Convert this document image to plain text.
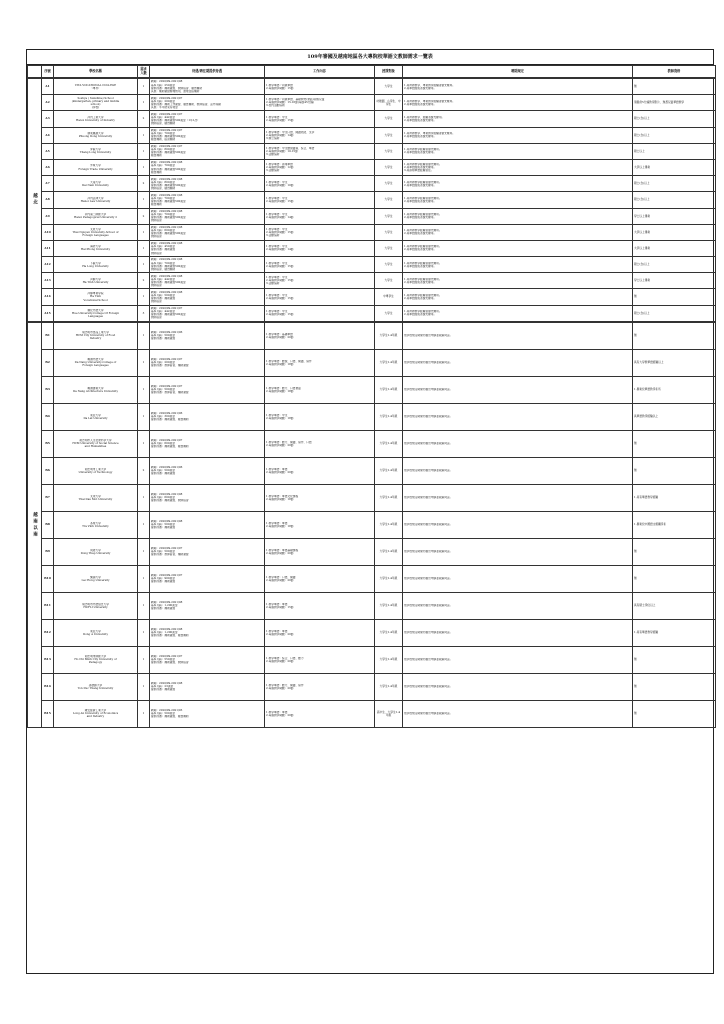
109年審國及越南地區各大專院校華語文教師需求一覽表
	序號	學校名稱	需求人數	待遇/聘任期提供待遇	工作內容	授課對象	聘期規定	教師資格
越北	A1	VITA VOCATIONAL COLLEGE
（專科）	1	聘期：2020/09-2021/08
基本月薪：250美金
提供待遇：補助簽證、教師宿舍、膳食補助
其他：補助簽證辦理費用，當地住宿補助	1.教學華語／初級華語
2.每週教學時數：15節	大學生	1.具實際教學、專業教學經驗者優先錄用。
2.具華語證照者優先錄用。	無
	A2	Soshya ( Sunshine) School
(kindergarten, primary and middle
school)
(學校)	1	聘期：2020/09-2021/07
基本月薪：200美金
提供待遇：補助工作簽證、膳食補助、教師宿舍、意外保險
其他：半年結束有獎金	1.教學華語／初級華語、基礎教材(會話)初級兒童
2.每週教學時數：15-16節(每節45分鐘)
3.校內活動協助	幼稚園、小學生、中學生	1.具實際教學、專業教學經驗者優先錄用。
2.具華語證照者優先錄用。	須提供5分鐘教學影片、熟悉兒童華語教學
	A3	河內工業大學
Hanoi University of Industry	2	聘期：2020/09-2021/07
基本月薪：442美金
提供待遇：補助簽證500美金（1年1次）
教師宿舍、膳食補助	1.教學華語：中文
2.每週教學時數：15節	大學生	1.具實際教學、經驗者優先錄用。
2.具華語證照者優先錄用。	碩士(含)以上
	A4	廣東鳳凰大學
Phuong Dong University	1	聘期：2020/09-2021/07
基本月薪：700美金
提供待遇：補助簽證500美金
膳食補助、宿舍補助	1.教學華語：中文口語、閱讀技能、文學
2.每週教學時數：14節
3.辦公協助	大學生	1.具實際教學、專業教學經驗者優先錄用。
2.具華語證照者優先錄用。	碩士(含)以上
	A5	昇龍大學
Thang Long University	1	聘期：2020/09-2021/07
基本月薪：800美金
提供待遇：補助簽證500美金
膳食補助	1.教學華語：中文聽說讀寫、綜合、華語
2.每週教學時數：10-15節
3.活動協助	大學生	1.具實際教學經驗者優先錄用。
2.具華語證照者優先錄用。	碩士以上
	A6	外貿大學
Foreign Trade University	1	聘期：2020/09-2021/08
基本月薪：700美金
提供待遇：補助簽證500美金
膳食補助	1.教學華語：商業華語
2.每週教學時數：12節
3.活動協助	大學生	1.具實際教學經驗者優先錄用。
2.具華語證照者優先錄用。
3.具商務華語經驗者佳。	大學以上畢業
	A7	大南大學
Dai Nam University	2	聘期：2020/09-2021/08
基本月薪：800美金
提供待遇：補助簽證500美金
教師宿舍、膳食補助	1.教學華語：中文
2.每週教學時數：10節	大學生	1.具實際教學經驗者優先錄用。
2.具華語證照者優先錄用。	碩士(含)以上
	A8	河內法律大學
Hanoi Law University	1	聘期：2020/09-2021/08
基本月薪：700美金
提供待遇：補助簽證500美金
膳食補助	1.教學華語：中文
2.每週教學時數：15節	大學生	1.具實際教學經驗者優先錄用。
2.具華語證照者優先錄用。	碩士(含)以上
	A9	河內第二師範大學
Hanoi Pedagogical University 2	2	聘期：2020/09-2021/08
基本月薪：700美金
提供待遇：補助簽證500美金
教師宿舍	1.教學華語：中文
2.每週教學時數：14節	大學生	1.具實際教學經驗者優先錄用。
2.具華語證照者優先錄用。	學士以上畢業
	A10	太原大學
Thai Nguyen University-School of
Foreign Languages	1	聘期：2020/09-2021/08
基本月薪：600美金
提供待遇：補助簽證500美金
教師宿舍	1.教學華語：中文
2.每週教學時數：15節
3.活動協助	大學生	1.具實際教學經驗者優先錄用。
2.具華語證照者優先錄用。	大學以上畢業
	A11	海防大學
Hai Phong University	1	聘期：2020/09-2021/08
基本月薪：450美金
提供待遇：補助簽證
教師宿舍	1.教學華語：中文
2.每週教學時數：14節	大學生	1.具實際教學經驗者優先錄用。
2.具華語證照者優先錄用。	大學以上畢業
	A12	下龍大學
Ha Long University	1	聘期：2020/09-2021/08
基本月薪：700美金
提供待遇：補助簽證500美金
教師宿舍、膳食補助	1.教學華語：中文
2.每週教學時數：15節	大學生	1.具實際教學經驗者優先錄用。
2.具華語證照者優先錄用。	碩士(含)以上
	A13	河靜大學
Ha Tinh University	2	聘期：2020/09-2021/08
基本月薪：442美金
提供待遇：補助簽證500美金
教師宿舍	1.教學華語：中文
2.每週教學時數：15節
3.活動協助	大學生	1.具實際教學經驗者優先錄用。
2.具華語證照者優先錄用。	學士以上畢業
	A14	河靜專業學院
Ha Tinh
Vocational School	1	聘期：2020/09-2021/08
基本月薪：500美金
提供待遇：補助簽證
教師宿舍	1.教學華語：中文
2.每週教學時數：15節	中專學生	1.具實際教學經驗者優先錄用。
2.具華語證照者優先錄用。	無
	A15	順化外語大學
Hue University-College Of Foreign
Languages	3	聘期：2020/09-2021/07
基本月薪：442美金
提供待遇：補助簽證500美金
教師宿舍	1.教學華語：中文
2.每週教學時數：15節	大學生	1.具實際教學經驗者優先錄用。
2.具華語證照者優先錄用。	碩士(含)以上
越南以南	B1	胡志明市食品工業大學
HCM City University of Food
Industry	1	聘期：2020/09-2021/06
基本月薪：500美金
提供待遇：補助簽證	1.教學華語：基礎華語
2.每週教學時數：20節	大學生1-4年級	依學校規定時間內提出申請並敘薪同意。	無
	B2	峴港外語大學
Da Nang University-College of
Foreign Languages	1	聘期：2020/09-2021/07
基本月薪：200美金
提供待遇：教師宿舍、補助簽證	1.教學華語：聽說、口語、閱讀、寫作
2.每週教學時數：18節	大學生1-4年級	依學校規定時間內提出申請並敘薪同意。	具有大學教華語經驗以上
	B3	峴港建築大學
Da Nang Architecture University	1	聘期：2020/09-2021/07
基本月薪：500美金
提供待遇：教師宿舍、補助簽證	1.教學華語：聽力、口語會話
2.每週教學時數：18節	大學生1-4年級	依學校規定時間內提出申請並敘薪同意。	1.畢業於華語教學系所
	B4	東亞大學
Da Lat University	1	聘期：2020/09-2021/06
基本月薪：300美金
提供待遇：補助簽證、膳食補助	1.教學華語：中文
2.每週教學時數：18節	大學生1-4年級	依學校規定時間內提出申請並敘薪同意。	具華語教學經驗以上
	B5	胡志明市人文社會科學大學
HCM University of Social Science
and Humanities	1	聘期：2020/09-2021/07
基本月薪：600美金
提供待遇：補助簽證、膳食補助	1.教學華語：聽力、閱讀、寫作、口語
2.每週教學時數：20節	大學生1-4年級	依學校規定時間內提出申請並敘薪同意。	無
	B6	胡志明市工業大學
University of Technology	2	聘期：2020/09-2021/06
基本月薪：500美金
提供待遇：補助簽證	1.教學華語：華語
2.每週教學時數：20節	大學生1-4年級	依學校規定時間內提出申請並敘薪同意。	無
	B7	太乘大學
Thai Dau Mot University	1	聘期：2020/09-2021/08
基本月薪：600美金
提供待遇：補助簽證、教師宿舍	1.教學華語：華語文化課程
2.每週教學時數：18節	大學生1-4年級	依學校規定時間內提出申請並敘薪同意。	1.具有華語教學經驗
	B8	茶榮大學
Tra Vinh University	1	聘期：2020/09-2021/08
基本月薪：500美金
提供待遇：補助簽證	1.教學華語：華語
2.每週教學時數：18節	大學生1-4年級	依學校規定時間內提出申請並敘薪同意。	1.畢業於中國語文相關學系
	B9	同塔大學
Dong Thap University	1	聘期：2020/09-2021/07
基本月薪：500美金
提供待遇：教師宿舍、補助簽證	1.教學華語：華語基礎課程
2.每週教學時數：20節	大學生1-4年級	依學校規定時間內提出申請並敘薪同意。	無
	B10	樂鴻大學
Lac Hong University	1	聘期：2020/09-2021/07
基本月薪：900美金
提供待遇：補助簽證	1.教學華語：口語、閱讀
2.每週教學時數：20節	大學生1-4年級	依學校規定時間內提出申請並敘薪同意。	無
	B11	胡志明市外語信息大學
HUFLI University	1	聘期：2020/09-2021/08
基本月薪：1,200美金
提供待遇：補助簽證	1.教學華語：華語
2.每週教學時數：15節	大學生1-4年級	依學校規定時間內提出申請並敘薪同意。	具有碩士學位以上
	B12	東亞大學
Dong A University	1	聘期：2020/09-2021/08
基本月薪：1,200美金
提供待遇：補助簽證、膳食補助	1.教學華語：華語
2.每週教學時數：20節	大學生1-4年級	依學校規定時間內提出申請並敘薪同意。	1.具有華語教學經驗
	B13	胡志明市師範大學
Ho Chi Minh City University of
Pedagogy	1	聘期：2020/09-2021/07
基本月薪：550美金
提供待遇：補助簽證、教師宿舍	1.教學華語：綜合、口語、聽力
2.每週教學時數：20節	大學生1-4年級	依學校規定時間內提出申請並敘薪同意。	無
	B14	孫德勝大學
Ton Duc Thang University	1	聘期：2020/09-2021/08
基本月薪：23美金
提供待遇：補助簽證	1.教學華語：聽力、閱讀、寫作
2.每週教學時數：20節	大學生1-4年級	依學校規定時間內提出申請並敘薪同意。	無
	B15	隆安經濟工業大學
Long An University of Economics
and Industry	1	聘期：2020/09-2021/05
基本月薪：500美金
提供待遇：補助簽證、膳食補助	1.教學華語：華語
2.每週教學時數：20節	高中生、大學生1-4年級	依學校規定時間內提出申請並敘薪同意。	無
